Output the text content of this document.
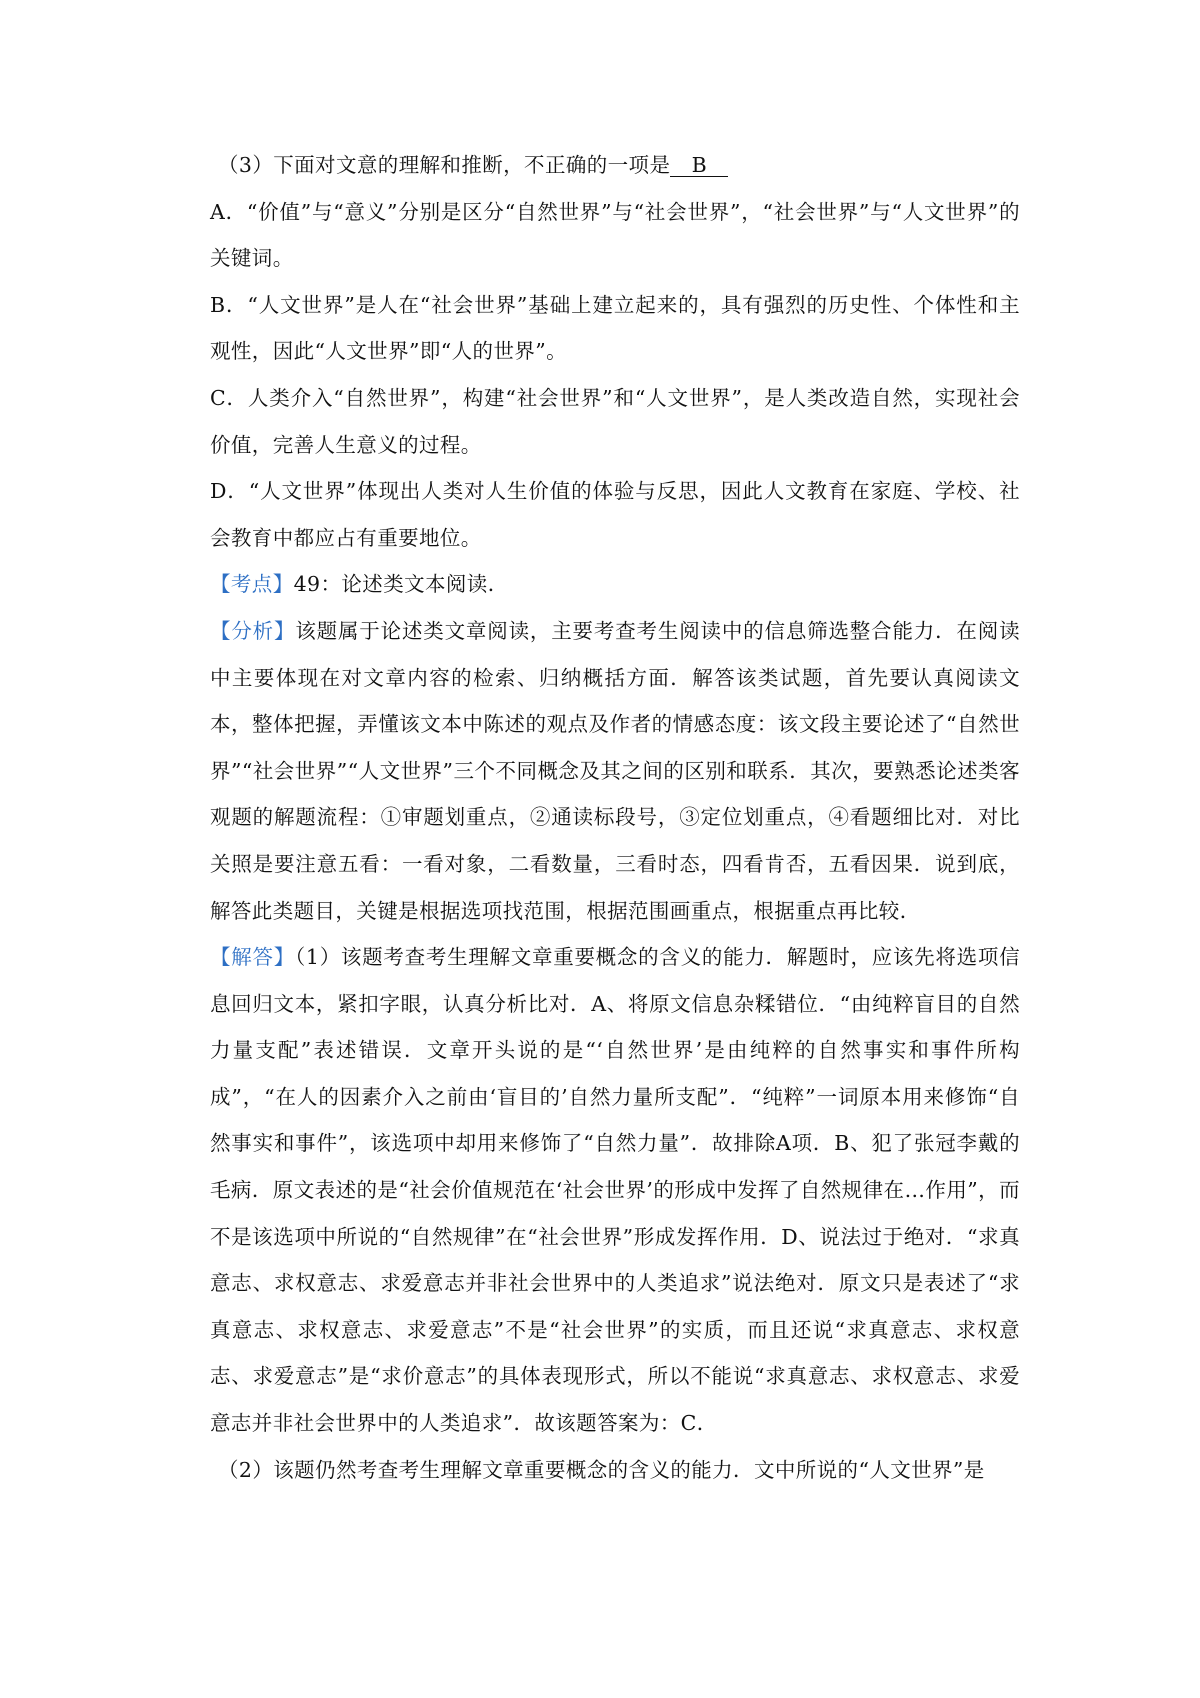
（3）下面对文意的理解和推断，不正确的一项是 B

A．“价值”与“意义”分别是区分“自然世界”与“社会世界”，“社会世界”与“人文世界”的关键词。

B．“人文世界”是人在“社会世界”基础上建立起来的，具有强烈的历史性、个体性和主观性，因此“人文世界”即“人的世界”。

C．人类介入“自然世界”，构建“社会世界”和“人文世界”，是人类改造自然，实现社会价值，完善人生意义的过程。

D．“人文世界”体现出人类对人生价值的体验与反思，因此人文教育在家庭、学校、社会教育中都应占有重要地位。

【考点】49：论述类文本阅读．

【分析】该题属于论述类文章阅读，主要考查考生阅读中的信息筛选整合能力．在阅读中主要体现在对文章内容的检索、归纳概括方面．解答该类试题，首先要认真阅读文本，整体把握，弄懂该文本中陈述的观点及作者的情感态度：该文段主要论述了“自然世界”“社会世界”“人文世界”三个不同概念及其之间的区别和联系．其次，要熟悉论述类客观题的解题流程：①审题划重点，②通读标段号，③定位划重点，④看题细比对．对比关照是要注意五看：一看对象，二看数量，三看时态，四看肯否，五看因果．说到底，解答此类题目，关键是根据选项找范围，根据范围画重点，根据重点再比较．

【解答】（1）该题考查考生理解文章重要概念的含义的能力．解题时，应该先将选项信息回归文本，紧扣字眼，认真分析比对．A、将原文信息杂糅错位．“由纯粹盲目的自然力量支配”表述错误．文章开头说的是“‘自然世界’是由纯粹的自然事实和事件所构成”，“在人的因素介入之前由‘盲目的’自然力量所支配”．“纯粹”一词原本用来修饰“自然事实和事件”，该选项中却用来修饰了“自然力量”．故排除A项．B、犯了张冠李戴的毛病．原文表述的是“社会价值规范在‘社会世界’的形成中发挥了自然规律在…作用”，而不是该选项中所说的“自然规律”在“社会世界”形成发挥作用．D、说法过于绝对．“求真意志、求权意志、求爱意志并非社会世界中的人类追求”说法绝对．原文只是表述了“求真意志、求权意志、求爱意志”不是“社会世界”的实质，而且还说“求真意志、求权意志、求爱意志”是“求价意志”的具体表现形式，所以不能说“求真意志、求权意志、求爱意志并非社会世界中的人类追求”．故该题答案为：C．

（2）该题仍然考查考生理解文章重要概念的含义的能力．文中所说的“人文世界”是
